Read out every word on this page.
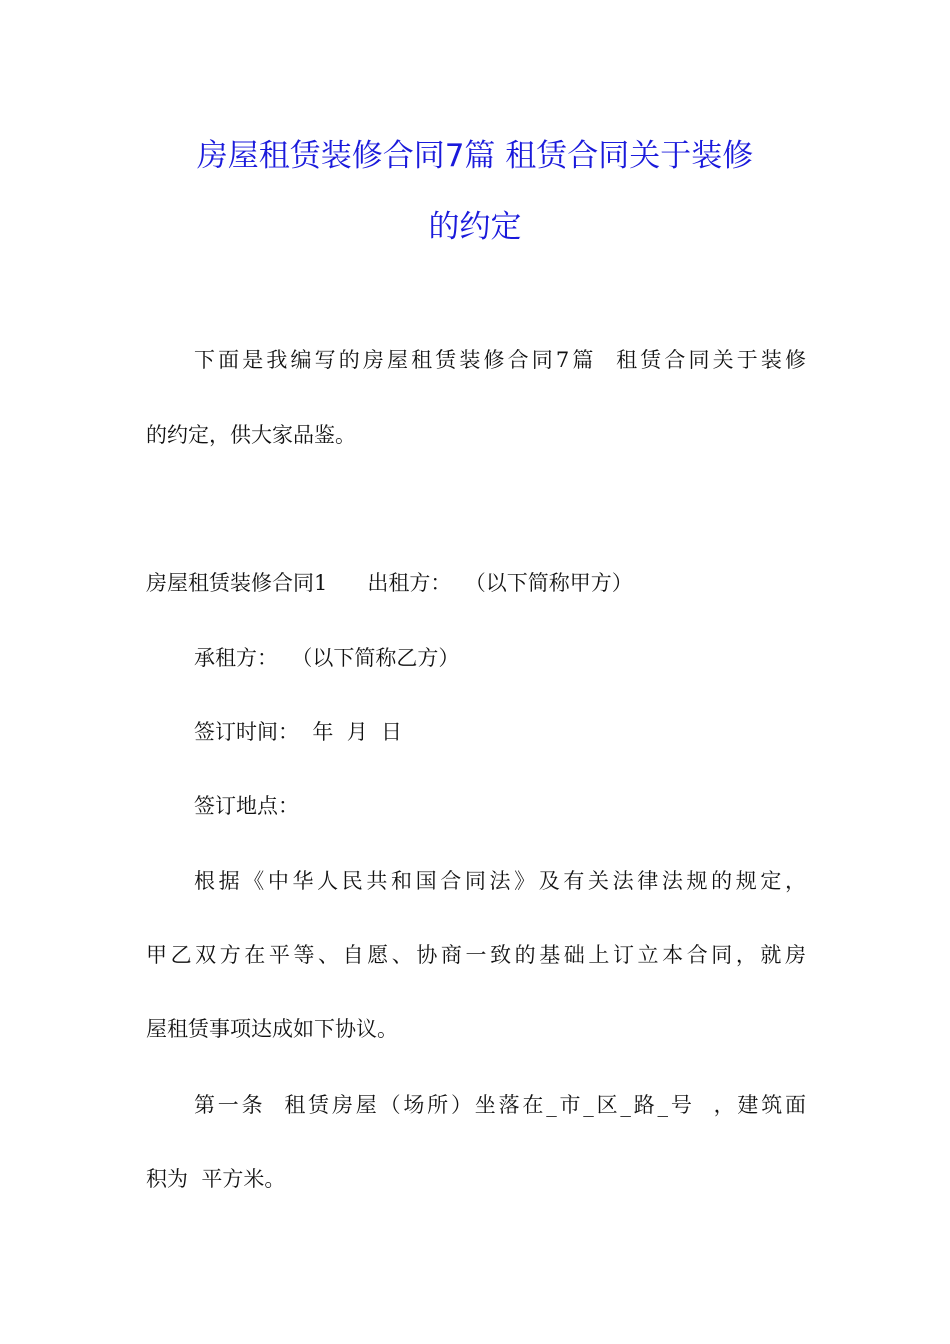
房屋租赁装修合同7篇 租赁合同关于装修
的约定
下面是我编写的房屋租赁装修合同7篇  租赁合同关于装修
的约定，供大家品鉴。
房屋租赁装修合同1      出租方：  （以下简称甲方）
承租方：  （以下简称乙方）
签订时间：  年  月  日
签订地点：
根据《中华人民共和国合同法》及有关法律法规的规定，
甲乙双方在平等、自愿、协商一致的基础上订立本合同，就房
屋租赁事项达成如下协议。
第一条  租赁房屋（场所）坐落在_市_区_路_号  ，建筑面
积为  平方米。
